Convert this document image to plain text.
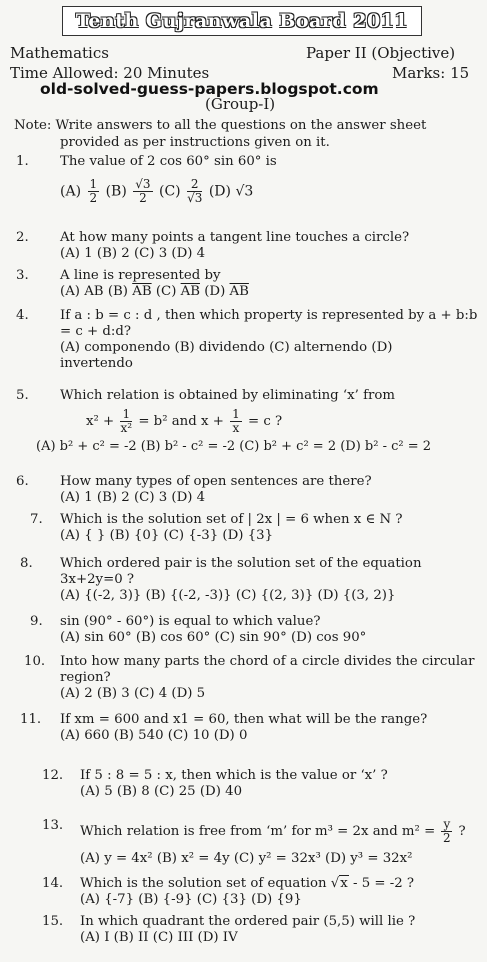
Tenth Gujranwala Board 2011
Mathematics	Paper II (Objective)
Time Allowed: 20 Minutes	Marks: 15
old-solved-guess-papers.blogspot.com
(Group-I)
Note: Write answers to all the questions on the answer sheet
provided as per instructions given on it.
1.	The value of 2 cos 60° sin 60° is
$(A) \frac{1}{2} (B) \frac{√3}{2} (C) \frac{2}{√3} (D)$ √3
2.	At how many points a tangent line touches a circle?
(A) 1 (B) 2 (C) 3 (D) 4
3.	A line is represented by
(A) AB (B) $\overline{AB}$ (C) $\overline{AB}$ (D) $\overline{AB}$
4.	If a : b = c : d , then which property is represented by a + b:b
= c + d:d?
(A) componendo (B) dividendo (C) alternendo (D)
invertendo
5.	Which relation is obtained by eliminating ‘x’ from
$x^2 + \frac{1}{\text{x²}} = b^2$ and $x + \frac{1}{x} = c$ ?
(A) b² + c² = -2 (B) b² - c² = -2 (C) b² + c² = 2 (D) b² - c² = 2
6.	How many types of open sentences are there?
(A) 1 (B) 2 (C) 3 (D) 4
7.	Which is the solution set of | 2x | = 6 when x ∈ N ?
(A) { } (B) {0} (C) {-3} (D) {3}
8.	Which ordered pair is the solution set of the equation
3x+2y=0 ?
(A) {(-2, 3)} (B) {(-2, -3)} (C) {(2, 3)} (D) {(3, 2)}
9.	sin (90° - 60°) is equal to which value?
(A) sin 60° (B) cos 60° (C) sin 90° (D) cos 90°
10.	Into how many parts the chord of a circle divides the circular
region?
(A) 2 (B) 3 (C) 4 (D) 5
11.	If xm = 600 and x1 = 60, then what will be the range?
(A) 660 (B) 540 (C) 10 (D) 0
12.	If 5 : 8 = 5 : x, then which is the value or ‘x’ ?
(A) 5 (B) 8 (C) 25 (D) 40
13.	Which relation is free from ‘m’ for m³ = 2x and $m^2 = \frac{y}{2}$ ?
(A) y = 4x² (B) x² = 4y (C) y² = 32x³ (D) y³ = 32x²
14.	Which is the solution set of equation √x - 5 = -2 ?
(A) {-7} (B) {-9} (C) {3} (D) {9}
15.	In which quadrant the ordered pair (5,5) will lie ?
(A) I (B) II (C) III (D) IV
